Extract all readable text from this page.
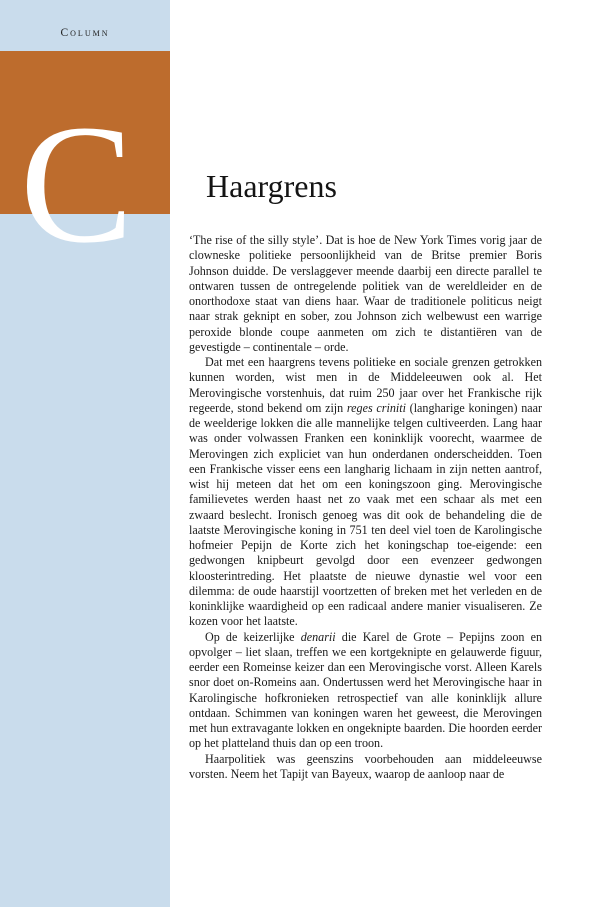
Column
C Haargrens

‘The rise of the silly style’. Dat is hoe de New York Times vorig jaar de clowneske politieke persoonlijkheid van de Britse premier Boris Johnson duidde. De verslaggever meende daarbij een directe parallel te ontwaren tussen de ontregelende politiek van de wereldleider en de onorthodoxe staat van diens haar. Waar de traditionele politicus neigt naar strak geknipt en sober, zou Johnson zich welbewust een warrige peroxide blonde coupe aanmeten om zich te distantiëren van de gevestigde – continentale – orde.

Dat met een haargrens tevens politieke en sociale grenzen getrokken kunnen worden, wist men in de Middeleeuwen ook al. Het Merovingische vorstenhuis, dat ruim 250 jaar over het Frankische rijk regeerde, stond bekend om zijn reges criniti (langharige koningen) naar de weelderige lokken die alle mannelijke telgen cultiveerden. Lang haar was onder volwassen Franken een koninklijk voorecht, waarmee de Merovingen zich expliciet van hun onderdanen onderscheidden. Toen een Frankische visser eens een langharig lichaam in zijn netten aantrof, wist hij meteen dat het om een koningszoon ging. Merovingische familievetes werden haast net zo vaak met een schaar als met een zwaard beslecht. Ironisch genoeg was dit ook de behandeling die de laatste Merovingische koning in 751 ten deel viel toen de Karolingische hofmeier Pepijn de Korte zich het koningschap toe-eigende: een gedwongen knipbeurt gevolgd door een evenzeer gedwongen kloosterintreding. Het plaatste de nieuwe dynastie wel voor een dilemma: de oude haarstijl voortzetten of breken met het verleden en de koninklijke waardigheid op een radicaal andere manier visualiseren. Ze kozen voor het laatste.

Op de keizerlijke denarii die Karel de Grote – Pepijns zoon en opvolger – liet slaan, treffen we een kortgeknipte en gelauwerde figuur, eerder een Romeinse keizer dan een Merovingische vorst. Alleen Karels snor doet on-Romeins aan. Ondertussen werd het Merovingische haar in Karolingische hofkronieken retrospectief van alle koninklijk allure ontdaan. Schimmen van koningen waren het geweest, die Merovingen met hun extravagante lokken en ongeknipte baarden. Die hoorden eerder op het platteland thuis dan op een troon.

Haarpolitiek was geenszins voorbehouden aan middeleeuwse vorsten. Neem het Tapijt van Bayeux, waarop de aanloop naar de
